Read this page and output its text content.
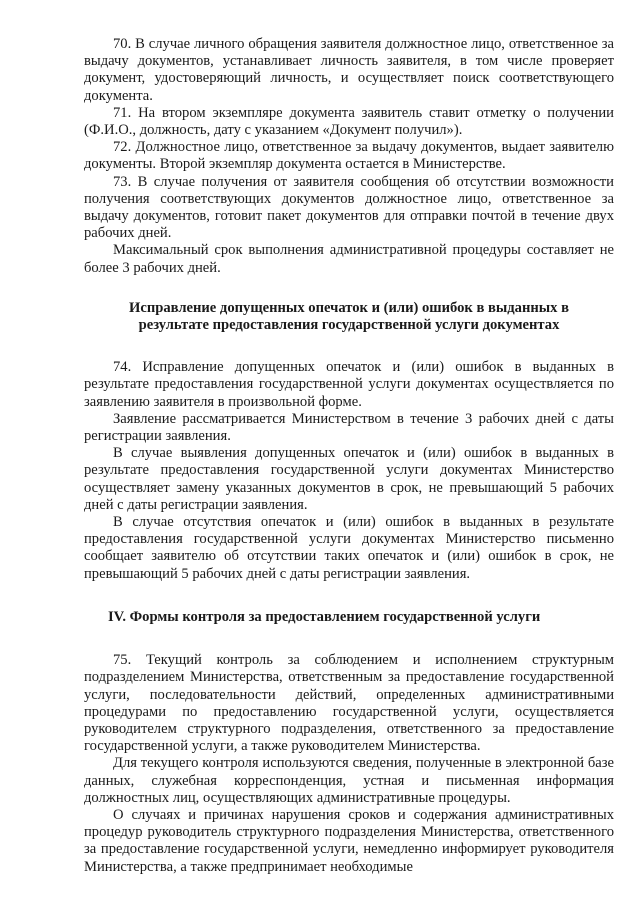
70. В случае личного обращения заявителя должностное лицо, ответственное за выдачу документов, устанавливает личность заявителя, в том числе проверяет документ, удостоверяющий личность, и осуществляет поиск соответствующего документа.

71. На втором экземпляре документа заявитель ставит отметку о получении (Ф.И.О., должность, дату с указанием «Документ получил»).

72. Должностное лицо, ответственное за выдачу документов, выдает заявителю документы. Второй экземпляр документа остается в Министерстве.

73. В случае получения от заявителя сообщения об отсутствии возможности получения соответствующих документов должностное лицо, ответственное за выдачу документов, готовит пакет документов для отправки почтой в течение двух рабочих дней.

Максимальный срок выполнения административной процедуры составляет не более 3 рабочих дней.

Исправление допущенных опечаток и (или) ошибок в выданных в результате предоставления государственной услуги документах

74. Исправление допущенных опечаток и (или) ошибок в выданных в результате предоставления государственной услуги документах осуществляется по заявлению заявителя в произвольной форме.

Заявление рассматривается Министерством в течение 3 рабочих дней с даты регистрации заявления.

В случае выявления допущенных опечаток и (или) ошибок в выданных в результате предоставления государственной услуги документах Министерство осуществляет замену указанных документов в срок, не превышающий 5 рабочих дней с даты регистрации заявления.

В случае отсутствия опечаток и (или) ошибок в выданных в результате предоставления государственной услуги документах Министерство письменно сообщает заявителю об отсутствии таких опечаток и (или) ошибок в срок, не превышающий 5 рабочих дней с даты регистрации заявления.

IV. Формы контроля за предоставлением государственной услуги

75. Текущий контроль за соблюдением и исполнением структурным подразделением Министерства, ответственным за предоставление государственной услуги, последовательности действий, определенных административными процедурами по предоставлению государственной услуги, осуществляется руководителем структурного подразделения, ответственного за предоставление государственной услуги, а также руководителем Министерства.

Для текущего контроля используются сведения, полученные в электронной базе данных, служебная корреспонденция, устная и письменная информация должностных лиц, осуществляющих административные процедуры.

О случаях и причинах нарушения сроков и содержания административных процедур руководитель структурного подразделения Министерства, ответственного за предоставление государственной услуги, немедленно информирует руководителя Министерства, а также предпринимает необходимые
